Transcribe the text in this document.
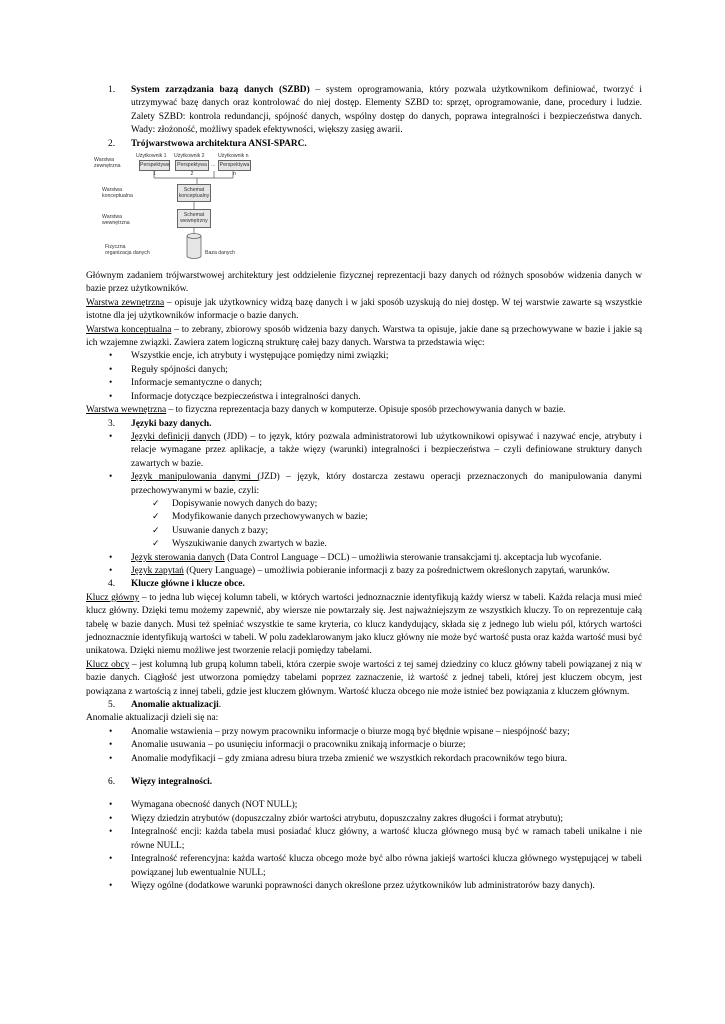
1. System zarządzania bazą danych (SZBD) – system oprogramowania, który pozwala użytkownikom definiować, tworzyć i utrzymywać bazę danych oraz kontrolować do niej dostęp. Elementy SZBD to: sprzęt, oprogramowanie, dane, procedury i ludzie. Zalety SZBD: kontrola redundancji, spójność danych, wspólny dostęp do danych, poprawa integralności i bezpieczeństwa danych. Wady: złożoność, możliwy spadek efektywności, większy zasięg awarii.

2. Trójwarstwowa architektura ANSI-SPARC.

Użytkownik 1 Użytkownik 2	Użytkownik n
Perspektywa 1
Perspektywa 2
... Perspektywa n
Warstwa zewnętrzna
Warstwa konceptualna
Schemat konceptualny
Warstwa wewnętrzna
Schemat wewnętrzny
Fizyczna organizacja danych	Baza danych

Głównym zadaniem trójwarstwowej architektury jest oddzielenie fizycznej reprezentacji bazy danych od różnych sposobów widzenia danych w bazie przez użytkowników.

Warstwa zewnętrzna – opisuje jak użytkownicy widzą bazę danych i w jaki sposób uzyskują do niej dostęp. W tej warstwie zawarte są wszystkie istotne dla jej użytkowników informacje o bazie danych.

Warstwa konceptualna – to zebrany, zbiorowy sposób widzenia bazy danych. Warstwa ta opisuje, jakie dane są przechowywane w bazie i jakie są ich wzajemne związki. Zawiera zatem logiczną strukturę całej bazy danych. Warstwa ta przedstawia więc:

• Wszystkie encje, ich atrybuty i występujące pomiędzy nimi związki;
• Reguły spójności danych;
• Informacje semantyczne o danych;
• Informacje dotyczące bezpieczeństwa i integralności danych.

Warstwa wewnętrzna – to fizyczna reprezentacja bazy danych w komputerze. Opisuje sposób przechowywania danych w bazie.

3. Języki bazy danych.

• Języki definicji danych (JDD) – to język, który pozwala administratorowi lub użytkownikowi opisywać i nazywać encje, atrybuty i relacje wymagane przez aplikacje, a także więzy (warunki) integralności i bezpieczeństwa – czyli definiowane struktury danych zawartych w bazie.
• Język manipulowania danymi (JZD) – język, który dostarcza zestawu operacji przeznaczonych do manipulowania danymi przechowywanymi w bazie, czyli:
✓ Dopisywanie nowych danych do bazy;
✓ Modyfikowanie danych przechowywanych w bazie;
✓ Usuwanie danych z bazy;
✓ Wyszukiwanie danych zwartych w bazie.
• Język sterowania danych (Data Control Language – DCL) – umożliwia sterowanie transakcjami tj. akceptacja lub wycofanie.
• Język zapytań (Query Language) – umożliwia pobieranie informacji z bazy za pośrednictwem określonych zapytań, warunków.

4. Klucze główne i klucze obce.

Klucz główny – to jedna lub więcej kolumn tabeli, w których wartości jednoznacznie identyfikują każdy wiersz w tabeli. Każda relacja musi mieć klucz główny. Dzięki temu możemy zapewnić, aby wiersze nie powtarzały się. Jest najważniejszym ze wszystkich kluczy. To on reprezentuje całą tabelę w bazie danych. Musi też spełniać wszystkie te same kryteria, co klucz kandydujący, składa się z jednego lub wielu pól, których wartości jednoznacznie identyfikują wartości w tabeli. W polu zadeklarowanym jako klucz główny nie może być wartość pusta oraz każda wartość musi być unikatowa. Dzięki niemu możliwe jest tworzenie relacji pomiędzy tabelami.

Klucz obcy – jest kolumną lub grupą kolumn tabeli, która czerpie swoje wartości z tej samej dziedziny co klucz główny tabeli powiązanej z nią w bazie danych. Ciągłość jest utworzona pomiędzy tabelami poprzez zaznaczenie, iż wartość z jednej tabeli, której jest kluczem obcym, jest powiązana z wartością z innej tabeli, gdzie jest kluczem głównym. Wartość klucza obcego nie może istnieć bez powiązania z kluczem głównym.

5. Anomalie aktualizacji.

Anomalie aktualizacji dzieli się na:

• Anomalie wstawienia – przy nowym pracowniku informacje o biurze mogą być błędnie wpisane – niespójność bazy;
• Anomalie usuwania – po usunięciu informacji o pracowniku znikają informacje o biurze;
• Anomalie modyfikacji – gdy zmiana adresu biura trzeba zmienić we wszystkich rekordach pracowników tego biura.

6. Więzy integralności.

• Wymagana obecność danych (NOT NULL);
• Więzy dziedzin atrybutów (dopuszczalny zbiór wartości atrybutu, dopuszczalny zakres długości i format atrybutu);
• Integralność encji: każda tabela musi posiadać klucz główny, a wartość klucza głównego musą być w ramach tabeli unikalne i nie równe NULL;
• Integralność referencyjna: każda wartość klucza obcego może być albo równa jakiejś wartości klucza głównego występującej w tabeli powiązanej lub ewentualnie NULL;
• Więzy ogólne (dodatkowe warunki poprawności danych określone przez użytkowników lub administratorów bazy danych).
